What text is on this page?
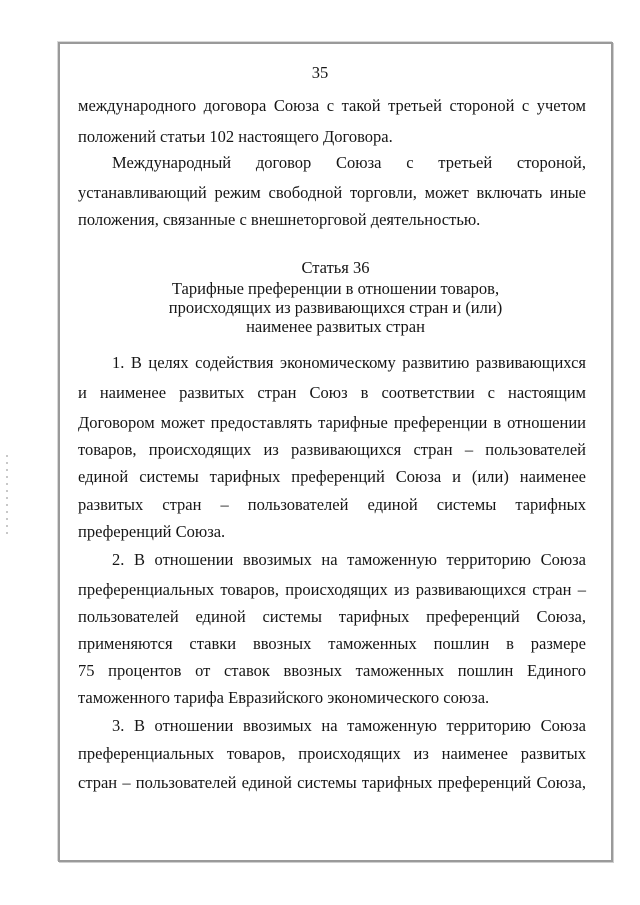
35

международного договора Союза с такой третьей стороной с учетом

положений статьи 102 настоящего Договора.

Международный договор Союза с третьей стороной,

устанавливающий режим свободной торговли, может включать иные

положения, связанные с внешнеторговой деятельностью.

Статья 36

Тарифные преференции в отношении товаров,

происходящих из развивающихся стран и (или)

наименее развитых стран

1. В целях содействия экономическому развитию развивающихся

и наименее развитых стран Союз в соответствии с настоящим

Договором может предоставлять тарифные преференции в отношении

товаров, происходящих из развивающихся стран – пользователей

единой системы тарифных преференций Союза и (или) наименее

развитых стран – пользователей единой системы тарифных

преференций Союза.

2. В отношении ввозимых на таможенную территорию Союза

преференциальных товаров, происходящих из развивающихся стран –

пользователей единой системы тарифных преференций Союза,

применяются ставки ввозных таможенных пошлин в размере

75 процентов от ставок ввозных таможенных пошлин Единого

таможенного тарифа Евразийского экономического союза.

3. В отношении ввозимых на таможенную территорию Союза

преференциальных товаров, происходящих из наименее развитых

стран – пользователей единой системы тарифных преференций Союза,
